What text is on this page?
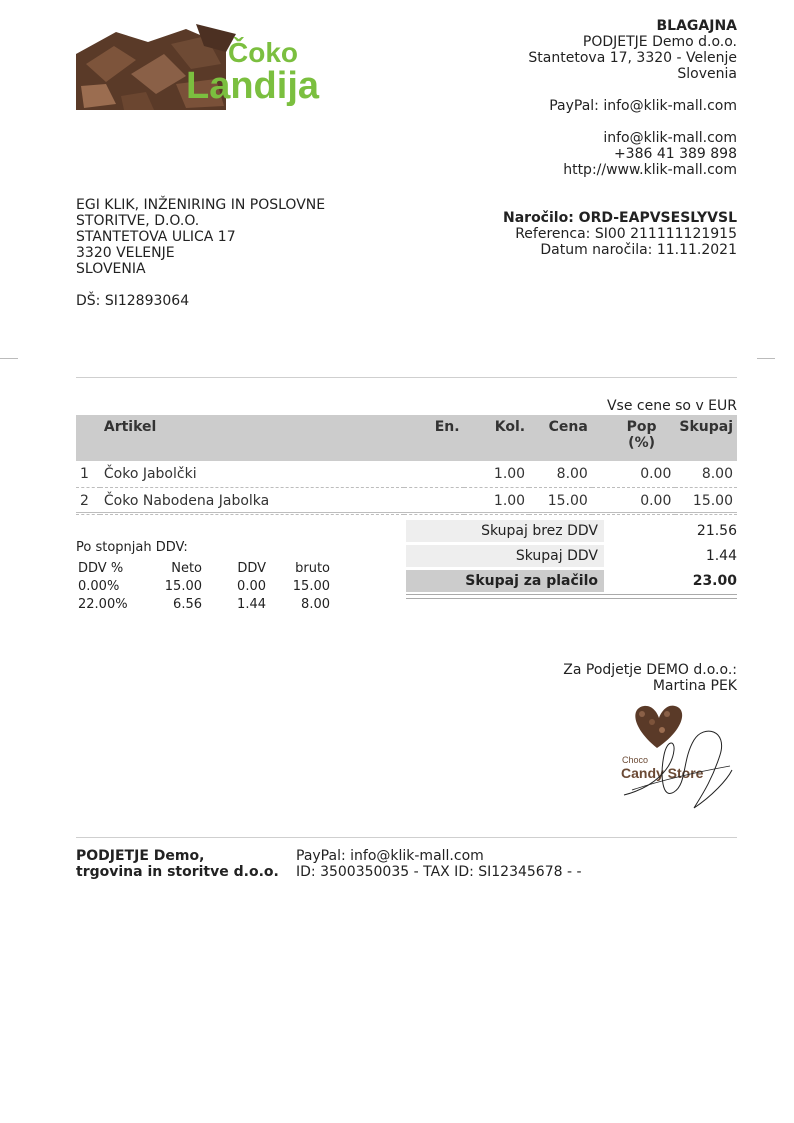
Čoko
Landija
BLAGAJNA
PODJETJE Demo d.o.o.
Stantetova 17, 3320 - Velenje
Slovenia
PayPal: info@klik-mall.com
info@klik-mall.com
+386 41 389 898
http://www.klik-mall.com
EGI KLIK, INŽENIRING IN POSLOVNE
STORITVE, D.O.O.
STANTETOVA ULICA 17
3320 VELENJE
SLOVENIA
DŠ: SI12893064
Naročilo: ORD-EAPVSESLYVSL
Referenca: SI00 211111121915
Datum naročila: 11.11.2021
Vse cene so v EUR
	Artikel	En.	Kol.	Cena	Pop (%)	Skupaj
1	Čoko Jabolčki		1.00	8.00	0.00	8.00
2	Čoko Nabodena Jabolka		1.00	15.00	0.00	15.00
Po stopnjah DDV:
DDV %	Neto	DDV	bruto
0.00%	15.00	0.00	15.00
22.00%	6.56	1.44	8.00
Skupaj brez DDV	21.56
Skupaj DDV	1.44
Skupaj za plačilo	23.00
Za Podjetje DEMO d.o.o.:
Martina PEK
Choco
Candy Store
PODJETJE Demo,
trgovina in storitve d.o.o.
PayPal: info@klik-mall.com
ID: 3500350035 - TAX ID: SI12345678 - -
